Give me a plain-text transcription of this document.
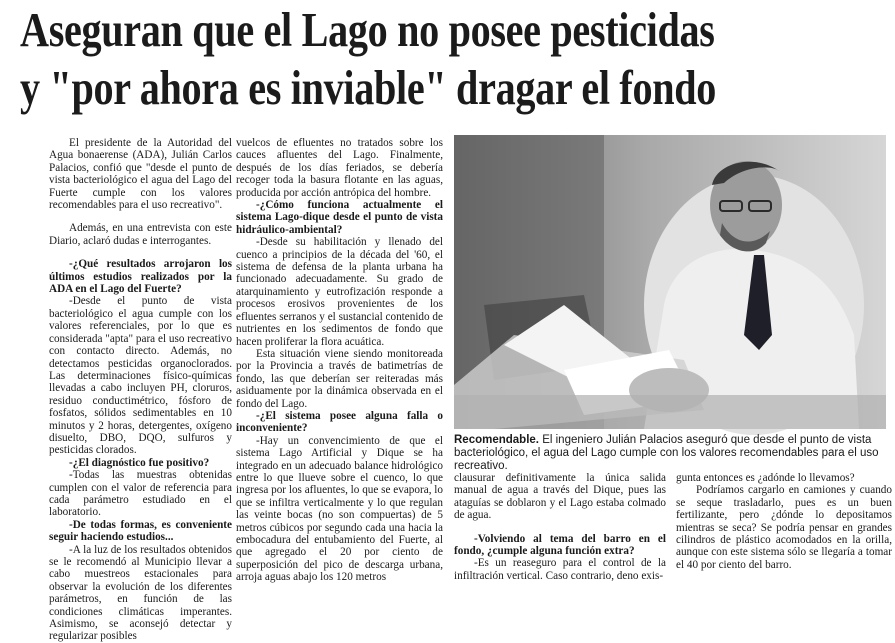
Aseguran que el Lago no posee pesticidas
y "por ahora es inviable" dragar el fondo

El presidente de la Autoridad del Agua bonaerense (ADA), Julián Carlos Palacios, confió que "desde el punto de vista bacteriológico el agua del Lago del Fuerte cumple con los valores recomendables para el uso recreativo".

Además, en una entrevista con este Diario, aclaró dudas e interrogantes.

-¿Qué resultados arrojaron los últimos estudios realizados por la ADA en el Lago del Fuerte?

-Desde el punto de vista bacteriológico el agua cumple con los valores referenciales, por lo que es considerada "apta" para el uso recreativo con contacto directo. Además, no detectamos pesticidas organoclorados. Las determinaciones físico-químicas llevadas a cabo incluyen PH, cloruros, residuo conductimétrico, fósforo de fosfatos, sólidos sedimentables en 10 minutos y 2 horas, detergentes, oxígeno disuelto, DBO, DQO, sulfuros y pesticidas clorados.

-¿El diagnóstico fue positivo?

-Todas las muestras obtenidas cumplen con el valor de referencia para cada parámetro estudiado en el laboratorio.

-De todas formas, es conveniente seguir haciendo estudios...

-A la luz de los resultados obtenidos se le recomendó al Municipio llevar a cabo muestreos estacionales para observar la evolución de los diferentes parámetros, en función de las condiciones climáticas imperantes. Asimismo, se aconsejó detectar y regularizar posibles

vuelcos de efluentes no tratados sobre los cauces afluentes del Lago. Finalmente, después de los días feriados, se debería recoger toda la basura flotante en las aguas, producida por acción antrópica del hombre.

-¿Cómo funciona actualmente el sistema Lago-dique desde el punto de vista hidráulico-ambiental?

-Desde su habilitación y llenado del cuenco a principios de la década del '60, el sistema de defensa de la planta urbana ha funcionado adecuadamente. Su grado de atarquinamiento y eutrofización responde a procesos erosivos provenientes de los efluentes serranos y el sustancial contenido de nutrientes en los sedimentos de fondo que hacen proliferar la flora acuática.

Esta situación viene siendo monitoreada por la Provincia a través de batimetrías de fondo, las que deberían ser reiteradas más asiduamente por la dinámica observada en el fondo del Lago.

-¿El sistema posee alguna falla o inconveniente?

-Hay un convencimiento de que el sistema Lago Artificial y Dique se ha integrado en un adecuado balance hidrológico entre lo que llueve sobre el cuenco, lo que ingresa por los afluentes, lo que se evapora, lo que se infiltra verticalmente y lo que regulan las veinte bocas (no son compuertas) de 5 metros cúbicos por segundo cada una hacia la embocadura del entubamiento del Fuerte, al que agregado el 20 por ciento de superposición del pico de descarga urbana, arroja aguas abajo los 120 metros

Recomendable. El ingeniero Julián Palacios aseguró que desde el punto de vista bacteriológico, el agua del Lago cumple con los valores recomendables para el uso recreativo.

clausurar definitivamente la única salida manual de agua a través del Dique, pues las ataguías se doblaron y el Lago estaba colmado de agua.

-Volviendo al tema del barro en el fondo, ¿cumple alguna función extra?

-Es un reaseguro para el control de la infiltración vertical. Caso contrario, deno exis-

gunta entonces es ¿adónde lo llevamos?

Podríamos cargarlo en camiones y cuando se seque trasladarlo, pues es un buen fertilizante, pero ¿dónde lo depositamos mientras se seca? Se podría pensar en grandes cilindros de plástico acomodados en la orilla, aunque con este sistema sólo se llegaría a tomar el 40 por ciento del barro.
